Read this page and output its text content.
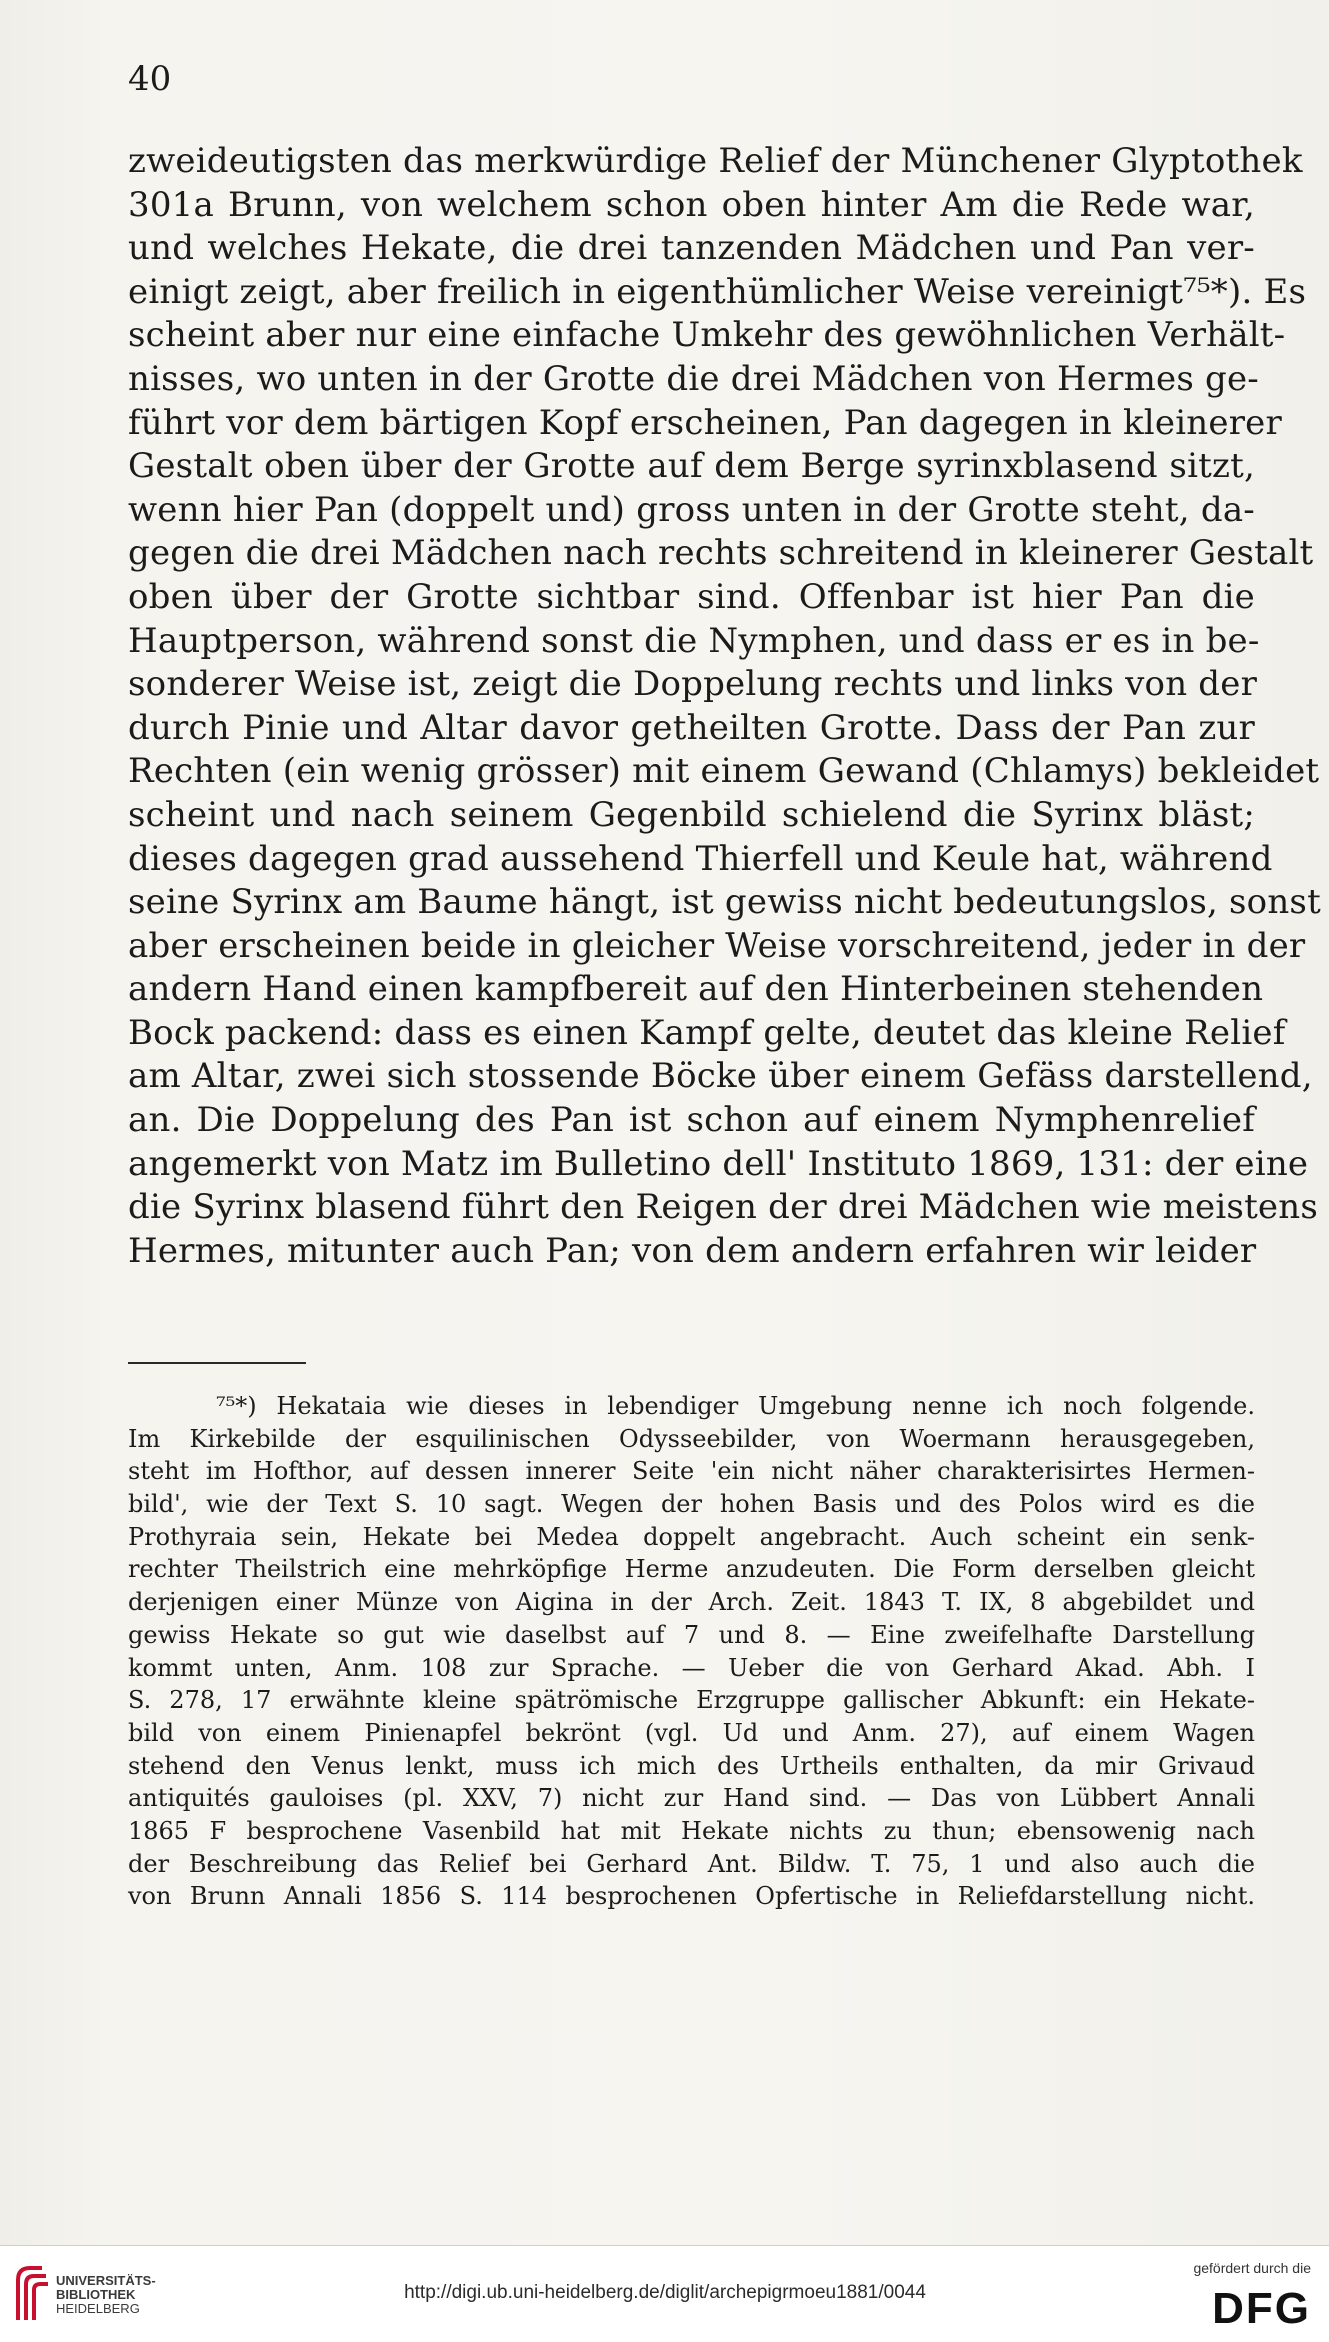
40
zweideutigsten das merkwürdige Relief der Münchener Glyptothek
301a Brunn, von welchem schon oben hinter Am die Rede war,
und welches Hekate, die drei tanzenden Mädchen und Pan ver-
einigt zeigt, aber freilich in eigenthümlicher Weise vereinigt⁷⁵*). Es
scheint aber nur eine einfache Umkehr des gewöhnlichen Verhält-
nisses, wo unten in der Grotte die drei Mädchen von Hermes ge-
führt vor dem bärtigen Kopf erscheinen, Pan dagegen in kleinerer
Gestalt oben über der Grotte auf dem Berge syrinxblasend sitzt,
wenn hier Pan (doppelt und) gross unten in der Grotte steht, da-
gegen die drei Mädchen nach rechts schreitend in kleinerer Gestalt
oben über der Grotte sichtbar sind. Offenbar ist hier Pan die
Hauptperson, während sonst die Nymphen, und dass er es in be-
sonderer Weise ist, zeigt die Doppelung rechts und links von der
durch Pinie und Altar davor getheilten Grotte. Dass der Pan zur
Rechten (ein wenig grösser) mit einem Gewand (Chlamys) bekleidet
scheint und nach seinem Gegenbild schielend die Syrinx bläst;
dieses dagegen grad aussehend Thierfell und Keule hat, während
seine Syrinx am Baume hängt, ist gewiss nicht bedeutungslos, sonst
aber erscheinen beide in gleicher Weise vorschreitend, jeder in der
andern Hand einen kampfbereit auf den Hinterbeinen stehenden
Bock packend: dass es einen Kampf gelte, deutet das kleine Relief
am Altar, zwei sich stossende Böcke über einem Gefäss darstellend,
an. Die Doppelung des Pan ist schon auf einem Nymphenrelief
angemerkt von Matz im Bulletino dell' Instituto 1869, 131: der eine
die Syrinx blasend führt den Reigen der drei Mädchen wie meistens
Hermes, mitunter auch Pan; von dem andern erfahren wir leider
⁷⁵*) Hekataia wie dieses in lebendiger Umgebung nenne ich noch folgende.
Im Kirkebilde der esquilinischen Odysseebilder, von Woermann herausgegeben,
steht im Hofthor, auf dessen innerer Seite 'ein nicht näher charakterisirtes Hermen-
bild', wie der Text S. 10 sagt. Wegen der hohen Basis und des Polos wird es die
Prothyraia sein, Hekate bei Medea doppelt angebracht. Auch scheint ein senk-
rechter Theilstrich eine mehrköpfige Herme anzudeuten. Die Form derselben gleicht
derjenigen einer Münze von Aigina in der Arch. Zeit. 1843 T. IX, 8 abgebildet und
gewiss Hekate so gut wie daselbst auf 7 und 8. — Eine zweifelhafte Darstellung
kommt unten, Anm. 108 zur Sprache. — Ueber die von Gerhard Akad. Abh. I
S. 278, 17 erwähnte kleine spätrömische Erzgruppe gallischer Abkunft: ein Hekate-
bild von einem Pinienapfel bekrönt (vgl. Ud und Anm. 27), auf einem Wagen
stehend den Venus lenkt, muss ich mich des Urtheils enthalten, da mir Grivaud
antiquités gauloises (pl. XXV, 7) nicht zur Hand sind. — Das von Lübbert Annali
1865 F besprochene Vasenbild hat mit Hekate nichts zu thun; ebensowenig nach
der Beschreibung das Relief bei Gerhard Ant. Bildw. T. 75, 1 und also auch die
von Brunn Annali 1856 S. 114 besprochenen Opfertische in Reliefdarstellung nicht.
UNIVERSITÄTS-
BIBLIOTHEK
HEIDELBERG
http://digi.ub.uni-heidelberg.de/diglit/archepigrmoeu1881/0044
gefördert durch die
DFG
